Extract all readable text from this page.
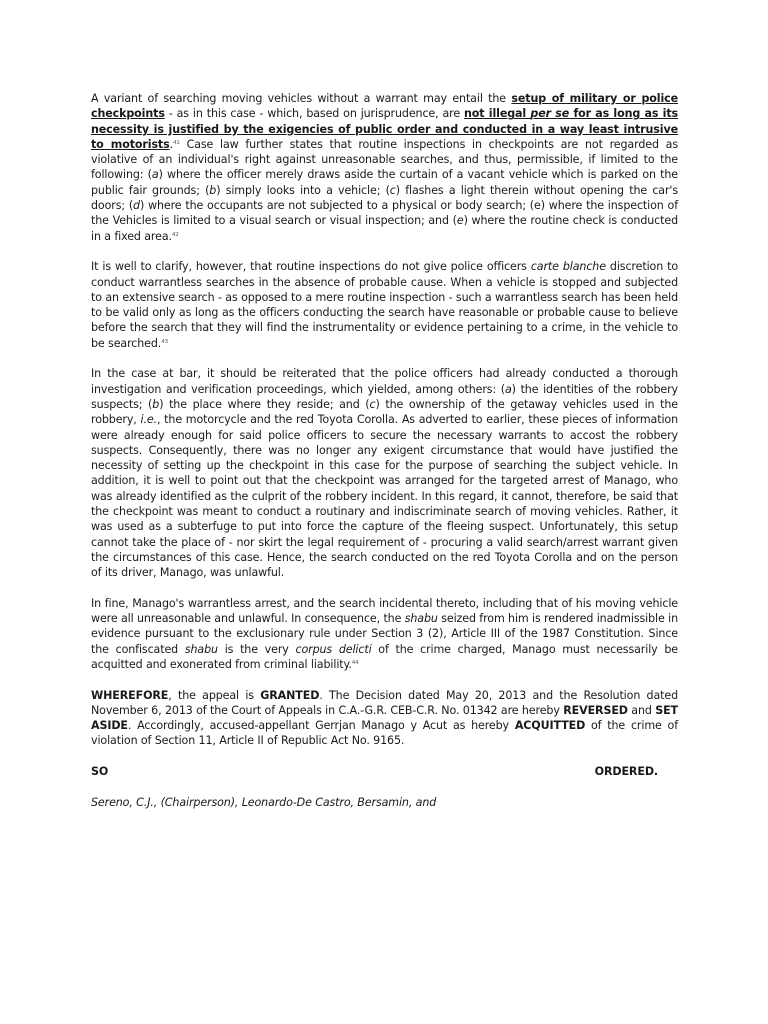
A variant of searching moving vehicles without a warrant may entail the setup of military or police checkpoints - as in this case - which, based on jurisprudence, are not illegal per se for as long as its necessity is justified by the exigencies of public order and conducted in a way least intrusive to motorists.$^{41}$ Case law further states that routine inspections in checkpoints are not regarded as violative of an individual's right against unreasonable searches, and thus, permissible, if limited to the following: (a) where the officer merely draws aside the curtain of a vacant vehicle which is parked on the public fair grounds; (b) simply looks into a vehicle; (c) flashes a light therein without opening the car's doors; (d) where the occupants are not subjected to a physical or body search; (e) where the inspection of the Vehicles is limited to a visual search or visual inspection; and (e) where the routine check is conducted in a fixed area.$^{42}$

It is well to clarify, however, that routine inspections do not give police officers carte blanche discretion to conduct warrantless searches in the absence of probable cause. When a vehicle is stopped and subjected to an extensive search - as opposed to a mere routine inspection - such a warrantless search has been held to be valid only as long as the officers conducting the search have reasonable or probable cause to believe before the search that they will find the instrumentality or evidence pertaining to a crime, in the vehicle to be searched.$^{43}$

In the case at bar, it should be reiterated that the police officers had already conducted a thorough investigation and verification proceedings, which yielded, among others: (a) the identities of the robbery suspects; (b) the place where they reside; and (c) the ownership of the getaway vehicles used in the robbery, i.e., the motorcycle and the red Toyota Corolla. As adverted to earlier, these pieces of information were already enough for said police officers to secure the necessary warrants to accost the robbery suspects. Consequently, there was no longer any exigent circumstance that would have justified the necessity of setting up the checkpoint in this case for the purpose of searching the subject vehicle. In addition, it is well to point out that the checkpoint was arranged for the targeted arrest of Manago, who was already identified as the culprit of the robbery incident. In this regard, it cannot, therefore, be said that the checkpoint was meant to conduct a routinary and indiscriminate search of moving vehicles. Rather, it was used as a subterfuge to put into force the capture of the fleeing suspect. Unfortunately, this setup cannot take the place of - nor skirt the legal requirement of - procuring a valid search/arrest warrant given the circumstances of this case. Hence, the search conducted on the red Toyota Corolla and on the person of its driver, Manago, was unlawful.

In fine, Manago's warrantless arrest, and the search incidental thereto, including that of his moving vehicle were all unreasonable and unlawful. In consequence, the shabu seized from him is rendered inadmissible in evidence pursuant to the exclusionary rule under Section 3 (2), Article III of the 1987 Constitution. Since the confiscated shabu is the very corpus delicti of the crime charged, Manago must necessarily be acquitted and exonerated from criminal liability.$^{44}$

WHEREFORE, the appeal is GRANTED. The Decision dated May 20, 2013 and the Resolution dated November 6, 2013 of the Court of Appeals in C.A.-G.R. CEB-C.R. No. 01342 are hereby REVERSED and SET ASIDE. Accordingly, accused-appellant Gerrjan Manago y Acut as hereby ACQUITTED of the crime of violation of Section 11, Article II of Republic Act No. 9165.

SO	ORDERED.

Sereno, C.J., (Chairperson), Leonardo-De Castro, Bersamin, and
